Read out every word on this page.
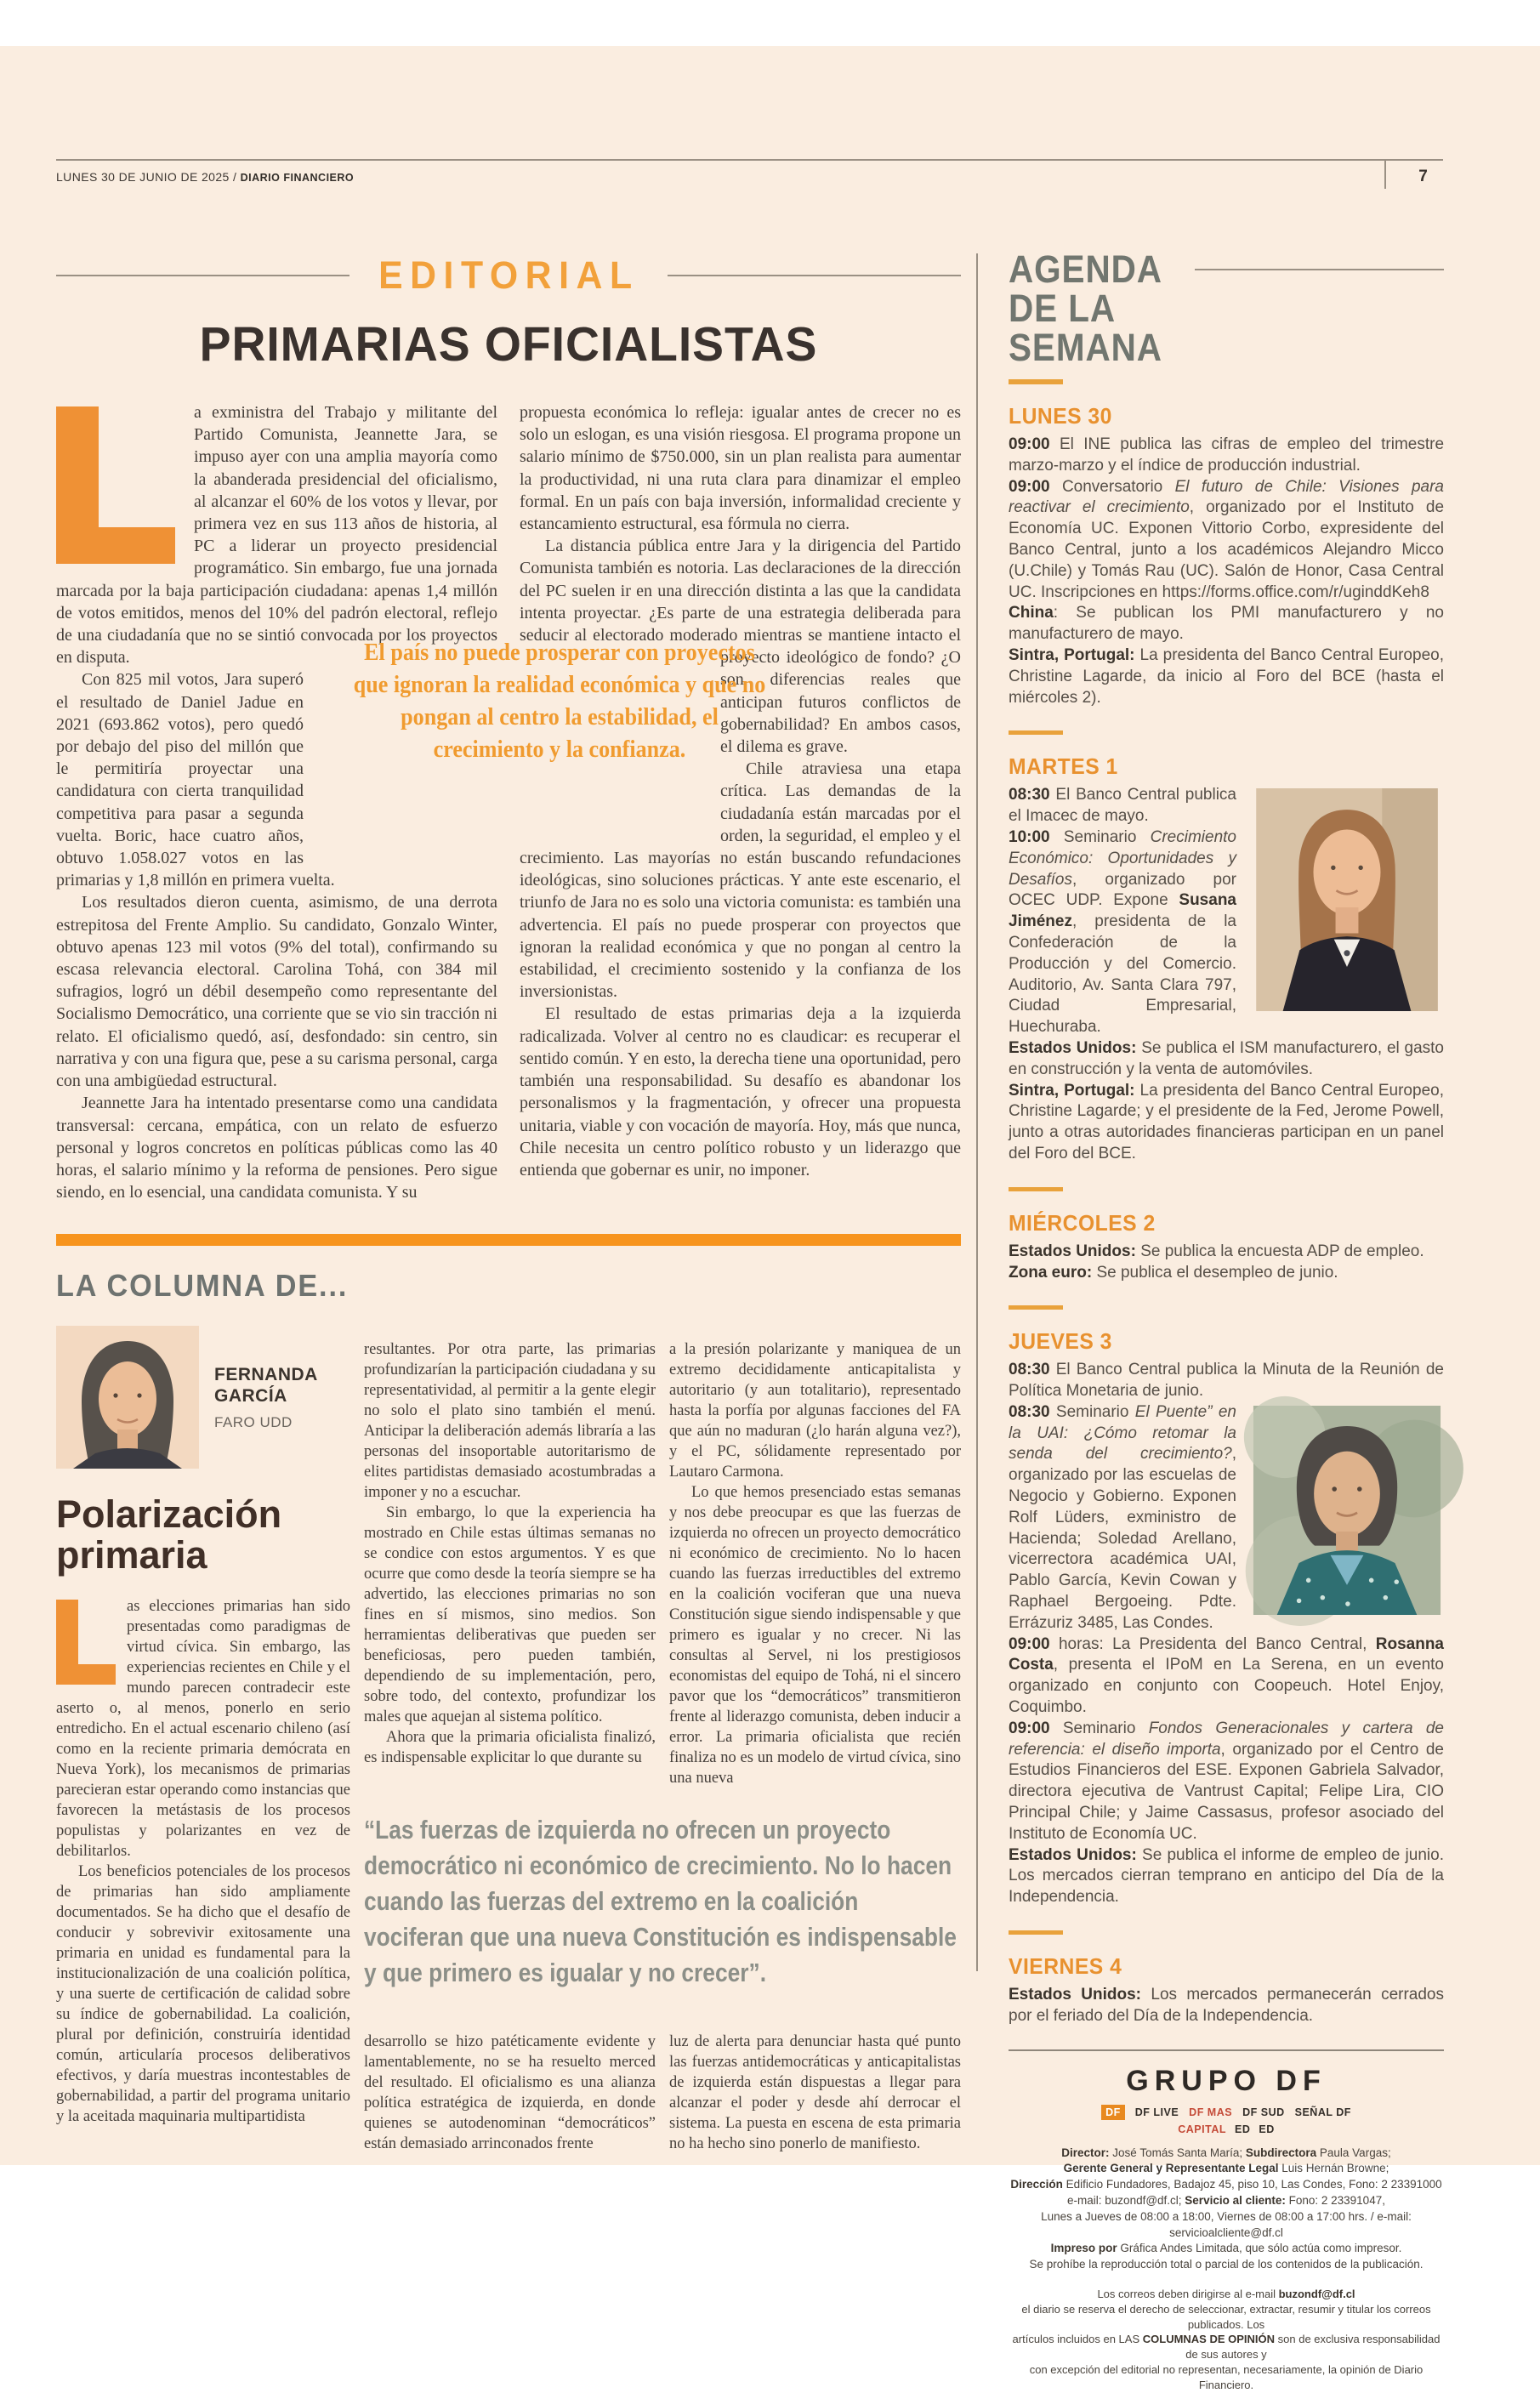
LUNES 30 DE JUNIO DE 2025 / DIARIO FINANCIERO	7
EDITORIAL
PRIMARIAS OFICIALISTAS

a exministra del Trabajo y militante del Partido Comunista, Jeannette Jara, se impuso ayer con una amplia mayoría como la abanderada presidencial del oficialismo, al alcanzar el 60% de los votos y llevar, por primera vez en sus 113 años de historia, al PC a liderar un proyecto presidencial programático. Sin embargo, fue una jornada marcada por la baja participación ciudadana: apenas 1,4 millón de votos emitidos, menos del 10% del padrón electoral, reflejo de una ciudadanía que no se sintió convocada por los proyectos en disputa.

Con 825 mil votos, Jara superó el resultado de Daniel Jadue en 2021 (693.862 votos), pero quedó por debajo del piso del millón que le permitiría proyectar una candidatura con cierta tranquilidad competitiva para pasar a segunda vuelta. Boric, hace cuatro años, obtuvo 1.058.027 votos en las primarias y 1,8 millón en primera vuelta.

Los resultados dieron cuenta, asimismo, de una derrota estrepitosa del Frente Amplio. Su candidato, Gonzalo Winter, obtuvo apenas 123 mil votos (9% del total), confirmando su escasa relevancia electoral. Carolina Tohá, con 384 mil sufragios, logró un débil desempeño como representante del Socialismo Democrático, una corriente que se vio sin tracción ni relato. El oficialismo quedó, así, desfondado: sin centro, sin narrativa y con una figura que, pese a su carisma personal, carga con una ambigüedad estructural.

Jeannette Jara ha intentado presentarse como una candidata transversal: cercana, empática, con un relato de esfuerzo personal y logros concretos en políticas públicas como las 40 horas, el salario mínimo y la reforma de pensiones. Pero sigue siendo, en lo esencial, una candidata comunista. Y su

propuesta económica lo refleja: igualar antes de crecer no es solo un eslogan, es una visión riesgosa. El programa propone un salario mínimo de $750.000, sin un plan realista para aumentar la productividad, ni una ruta clara para dinamizar el empleo formal. En un país con baja inversión, informalidad creciente y estancamiento estructural, esa fórmula no cierra.

La distancia pública entre Jara y la dirigencia del Partido Comunista también es notoria. Las declaraciones de la dirección del PC suelen ir en una dirección distinta a las que la candidata intenta proyectar. ¿Es parte de una estrategia deliberada para seducir al electorado moderado mientras se
mantiene intacto el proyecto ideológico de fondo? ¿O son diferencias reales que anticipan futuros conflictos de gobernabilidad? En ambos casos, el dilema es grave.

Chile atraviesa una etapa crítica. Las demandas de la ciudadanía están marcadas por el orden, la seguridad, el empleo y el crecimiento. Las mayorías no están buscando refundaciones ideológicas, sino soluciones prácticas. Y ante este escenario, el triunfo de Jara no es solo una victoria comunista: es también una advertencia. El país no puede prosperar con proyectos que ignoran la realidad económica y que no pongan al centro la estabilidad, el crecimiento sostenido y la confianza de los inversionistas.

El resultado de estas primarias deja a la izquierda radicalizada. Volver al centro no es claudicar: es recuperar el sentido común. Y en esto, la derecha tiene una oportunidad, pero también una responsabilidad. Su desafío es abandonar los personalismos y la fragmentación, y ofrecer una propuesta unitaria, viable y con vocación de mayoría. Hoy, más que nunca, Chile necesita un centro político robusto y un liderazgo que entienda que gobernar es unir, no imponer.

El país no puede prosperar con proyectos que ignoran la realidad económica y que no pongan al centro la estabilidad, el crecimiento y la confianza.
LA COLUMNA DE...
FERNANDA GARCÍA
FARO UDD
Polarización primaria

as elecciones primarias han sido presentadas como paradigmas de virtud cívica. Sin embargo, las experiencias recientes en Chile y el mundo parecen contradecir este aserto o, al menos, ponerlo en serio entredicho. En el actual escenario chileno (así como en la reciente primaria demócrata en Nueva York), los mecanismos de primarias parecieran estar operando como instancias que favorecen la metástasis de los procesos populistas y polarizantes en vez de debilitarlos.

Los beneficios potenciales de los procesos de primarias han sido ampliamente documentados. Se ha dicho que el desafío de conducir y sobrevivir exitosamente una primaria en unidad es fundamental para la institucionalización de una coalición política, y una suerte de certificación de calidad sobre su índice de gobernabilidad. La coalición, plural por definición, construiría identidad común, articularía procesos deliberativos efectivos, y daría muestras incontestables de gobernabilidad, a partir del programa unitario y la aceitada maquinaria multipartidista

resultantes. Por otra parte, las primarias profundizarían la participación ciudadana y su representatividad, al permitir a la gente elegir no solo el plato sino también el menú. Anticipar la deliberación además libraría a las personas del insoportable autoritarismo de elites partidistas demasiado acostumbradas a imponer y no a escuchar.

Sin embargo, lo que la experiencia ha mostrado en Chile estas últimas semanas no se condice con estos argumentos. Y es que ocurre que como desde la teoría siempre se ha advertido, las elecciones primarias no son fines en sí mismos, sino medios. Son herramientas deliberativas que pueden ser beneficiosas, pero pueden también, dependiendo de su implementación, pero, sobre todo, del contexto, profundizar los males que aquejan al sistema político.

Ahora que la primaria oficialista finalizó, es indispensable explicitar lo que durante su

a la presión polarizante y maniquea de un extremo decididamente anticapitalista y autoritario (y aun totalitario), representado hasta la porfía por algunas facciones del FA que aún no maduran (¿lo harán alguna vez?), y el PC, sólidamente representado por Lautaro Carmona.

Lo que hemos presenciado estas semanas y nos debe preocupar es que las fuerzas de izquierda no ofrecen un proyecto democrático ni económico de crecimiento. No lo hacen cuando las fuerzas irreductibles del extremo en la coalición vociferan que una nueva Constitución sigue siendo indispensable y que primero es igualar y no crecer. Ni las consultas al Servel, ni los prestigiosos economistas del equipo de Tohá, ni el sincero pavor que los “democráticos” transmitieron frente al liderazgo comunista, deben inducir a error. La primaria oficialista que recién finaliza no es un modelo de virtud cívica, sino una nueva

“Las fuerzas de izquierda no ofrecen un proyecto democrático ni económico de crecimiento. No lo hacen cuando las fuerzas del extremo en la coalición vociferan que una nueva Constitución es indispensable y que primero es igualar y no crecer”.

desarrollo se hizo patéticamente evidente y lamentablemente, no se ha resuelto merced del resultado. El oficialismo es una alianza política estratégica de izquierda, en donde quienes se autodenominan “democráticos” están demasiado arrinconados frente

luz de alerta para denunciar hasta qué punto las fuerzas antidemocráticas y anticapitalistas de izquierda están dispuestas a llegar para alcanzar el poder y desde ahí derrocar el sistema. La puesta en escena de esta primaria no ha hecho sino ponerlo de manifiesto.

AGENDA
DE LA
SEMANA
LUNES 30

09:00 El INE publica las cifras de empleo del trimestre marzo-marzo y el índice de producción industrial.

09:00 Conversatorio El futuro de Chile: Visiones para reactivar el crecimiento, organizado por el Instituto de Economía UC. Exponen Vittorio Corbo, expresidente del Banco Central, junto a los académicos Alejandro Micco (U.Chile) y Tomás Rau (UC). Salón de Honor, Casa Central UC. Inscripciones en https://forms.office.com/r/uginddKeh8

China: Se publican los PMI manufacturero y no manufacturero de mayo.

Sintra, Portugal: La presidenta del Banco Central Europeo, Christine Lagarde, da inicio al Foro del BCE (hasta el miércoles 2).

MARTES 1

08:30 El Banco Central publica el Imacec de mayo.

10:00 Seminario Crecimiento Económico: Oportunidades y Desafíos, organizado por OCEC UDP. Expone Susana Jiménez, presidenta de la Confederación de la Producción y del Comercio. Auditorio, Av. Santa Clara 797, Ciudad Empresarial, Huechuraba.

Estados Unidos: Se publica el ISM manufacturero, el gasto en construcción y la venta de automóviles.

Sintra, Portugal: La presidenta del Banco Central Europeo, Christine Lagarde; y el presidente de la Fed, Jerome Powell, junto a otras autoridades financieras participan en un panel del Foro del BCE.

MIÉRCOLES 2

Estados Unidos: Se publica la encuesta ADP de empleo.

Zona euro: Se publica el desempleo de junio.

JUEVES 3

08:30 El Banco Central publica la Minuta de la Reunión de Política Monetaria de junio.

08:30 Seminario El Puente” en la UAI: ¿Cómo retomar la senda del crecimiento?, organizado por las escuelas de Negocio y Gobierno. Exponen Rolf Lüders, exministro de Hacienda; Soledad Arellano, vicerrectora académica UAI, Pablo García, Kevin Cowan y Raphael Bergoeing. Pdte. Errázuriz 3485, Las Condes.

09:00 horas: La Presidenta del Banco Central, Rosanna Costa, presenta el IPoM en La Serena, en un evento organizado en conjunto con Coopeuch. Hotel Enjoy, Coquimbo.

09:00 Seminario Fondos Generacionales y cartera de referencia: el diseño importa, organizado por el Centro de Estudios Financieros del ESE. Exponen Gabriela Salvador, directora ejecutiva de Vantrust Capital; Felipe Lira, CIO Principal Chile; y Jaime Cassasus, profesor asociado del Instituto de Economía UC.

Estados Unidos: Se publica el informe de empleo de junio. Los mercados cierran temprano en anticipo del Día de la Independencia.

VIERNES 4

Estados Unidos: Los mercados permanecerán cerrados por el feriado del Día de la Independencia.

GRUPO DF
DF	DF LIVE DF MAS DF SUD SEÑAL DF
CAPITAL ED ED
Director: José Tomás Santa María; Subdirectora Paula Vargas;
Gerente General y Representante Legal Luis Hernán Browne;
Dirección Edificio Fundadores, Badajoz 45, piso 10, Las Condes, Fono: 2 23391000
e-mail: buzondf@df.cl; Servicio al cliente: Fono: 2 23391047,
Lunes a Jueves de 08:00 a 18:00, Viernes de 08:00 a 17:00 hrs. / e-mail: servicioalcliente@df.cl
Impreso por Gráfica Andes Limitada, que sólo actúa como impresor.
Se prohíbe la reproducción total o parcial de los contenidos de la publicación.
Los correos deben dirigirse al e-mail buzondf@df.cl
el diario se reserva el derecho de seleccionar, extractar, resumir y titular los correos publicados. Los
artículos incluidos en LAS COLUMNAS DE OPINIÓN son de exclusiva responsabilidad de sus autores y
con excepción del editorial no representan, necesariamente, la opinión de Diario Financiero.
